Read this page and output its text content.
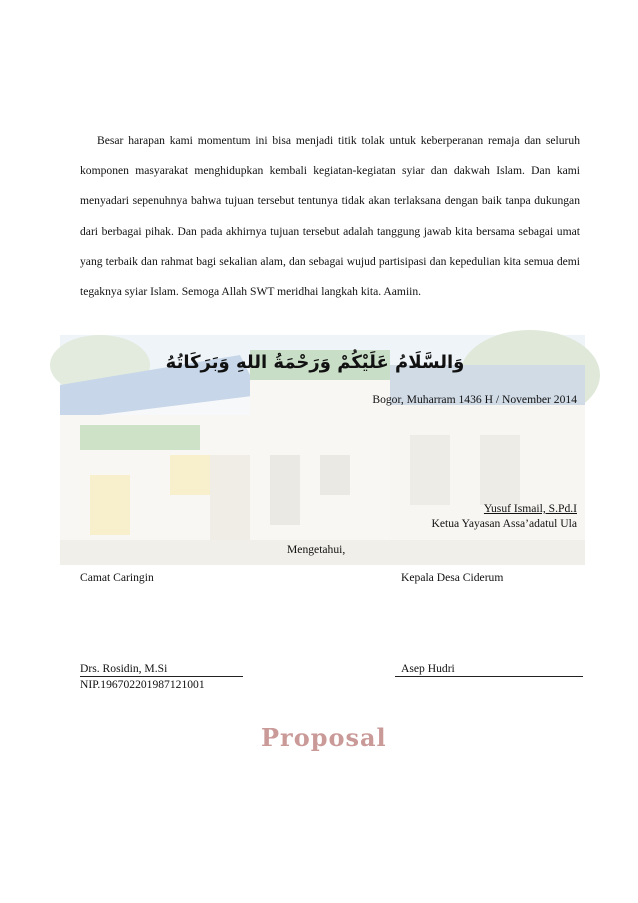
Besar harapan kami momentum ini bisa menjadi titik tolak untuk keberperanan remaja dan seluruh komponen masyarakat menghidupkan kembali kegiatan-kegiatan syiar dan dakwah Islam. Dan kami menyadari sepenuhnya bahwa tujuan tersebut tentunya tidak akan terlaksana dengan baik tanpa dukungan dari berbagai pihak. Dan pada akhirnya tujuan tersebut adalah tanggung jawab kita bersama sebagai umat yang terbaik dan rahmat bagi sekalian alam, dan sebagai wujud partisipasi dan kepedulian kita semua demi tegaknya syiar Islam. Semoga Allah SWT meridhai langkah kita. Aamiin.

وَالسَّلَامُ عَلَيْكُمْ وَرَحْمَةُ اللهِ وَبَرَكَاتُهُ
Bogor, Muharram 1436 H / November 2014
Yusuf Ismail, S.Pd.I
Ketua Yayasan Assa’adatul Ula
Mengetahui,
Camat Caringin	Kepala Desa Ciderum
Drs. Rosidin, M.Si
NIP.196702201987121001
Asep Hudri
Proposal
